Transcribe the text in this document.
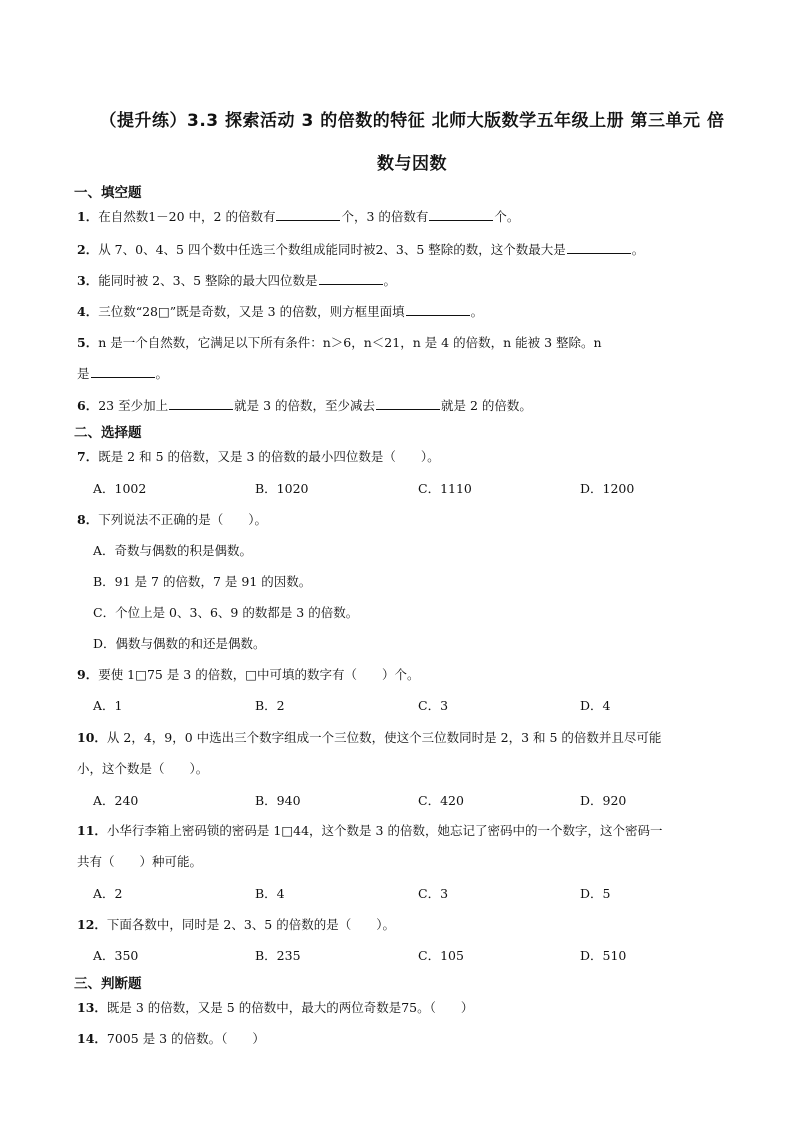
（提升练）3.3 探索活动 3 的倍数的特征 北师大版数学五年级上册 第三单元 倍
数与因数
一、填空题
1．在自然数1－20 中，2 的倍数有	个，3 的倍数有	个。
2．从 7、0、4、5 四个数中任选三个数组成能同时被2、3、5 整除的数，这个数最大是	。
3．能同时被 2、3、5 整除的最大四位数是	。
4．三位数“28□”既是奇数，又是 3 的倍数，则方框里面填	。
5．n 是一个自然数，它满足以下所有条件：n＞6，n＜21，n 是 4 的倍数，n 能被 3 整除。n
是	。
6．23 至少加上	就是 3 的倍数，至少减去	就是 2 的倍数。
二、选择题
7．既是 2 和 5 的倍数，又是 3 的倍数的最小四位数是（　　）。
A．1002	B．1020	C．1110	D．1200
8．下列说法不正确的是（　　）。
A．奇数与偶数的积是偶数。
B．91 是 7 的倍数，7 是 91 的因数。
C．个位上是 0、3、6、9 的数都是 3 的倍数。
D．偶数与偶数的和还是偶数。
9．要使 1□75 是 3 的倍数，□中可填的数字有（　　）个。
A．1	B．2	C．3	D．4
10．从 2，4，9，0 中选出三个数字组成一个三位数，使这个三位数同时是 2，3 和 5 的倍数并且尽可能
小，这个数是（　　）。
A．240	B．940	C．420	D．920
11．小华行李箱上密码锁的密码是 1□44，这个数是 3 的倍数，她忘记了密码中的一个数字，这个密码一
共有（　　）种可能。
A．2	B．4	C．3	D．5
12．下面各数中，同时是 2、3、5 的倍数的是（　　）。
A．350	B．235	C．105	D．510
三、判断题
13．既是 3 的倍数，又是 5 的倍数中，最大的两位奇数是75。（　　）
14．7005 是 3 的倍数。（　　）
